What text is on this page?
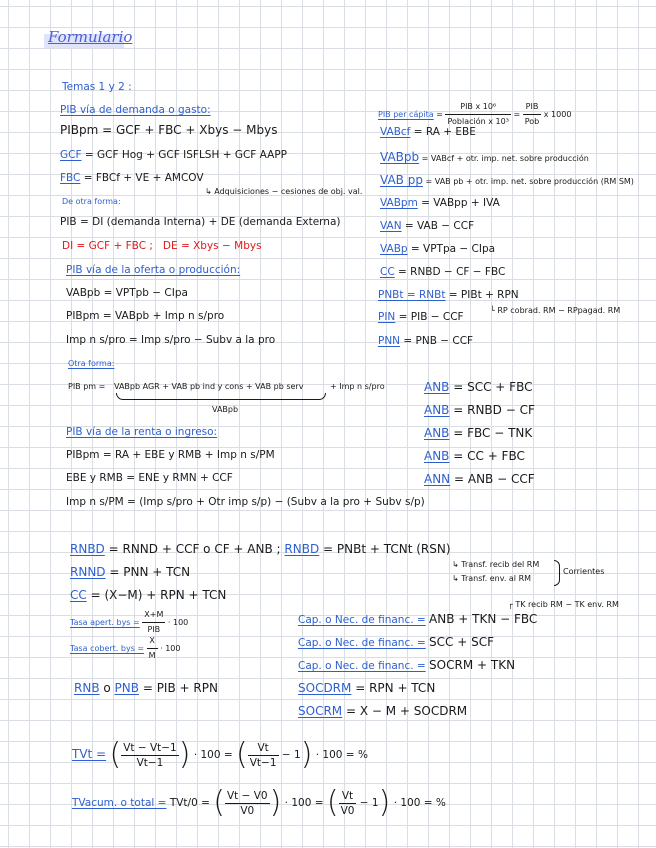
Formulario
Temas 1 y 2 :
PIB vía de demanda o gasto:
PIBpm = GCF + FBC + Xbys − Mbys
GCF = GCF Hog + GCF ISFLSH + GCF AAPP
FBC = FBCf + VE + AMCOV
↳ Adquisiciones − cesiones de obj. val.
De otra forma:
PIB = DI (demanda Interna) + DE (demanda Externa)
DI = GCF + FBC ; DE = Xbys − Mbys
PIB vía de la oferta o producción:
VABpb = VPTpb − CIpa
PIBpm = VABpb + Imp n s/pro
Imp n s/pro = Imp s/pro − Subv a la pro
Otra forma:
PIB pm = VABpb AGR + VAB pb ind y cons + VAB pb serv	+ Imp n s/pro
VABpb
PIB vía de la renta o ingreso:
PIBpm = RA + EBE y RMB + Imp n s/PM
EBE y RMB = ENE y RMN + CCF
Imp n s/PM = (Imp s/pro + Otr imp s/p) − (Subv a la pro + Subv s/p)
PIB per cápita = $\frac{\text{PIB x 10⁶}}{\text{Población x 10³}} = \frac{\text{PIB}}{\text{Pob}}$ x 1000
VABcf = RA + EBE
VABpb = VABcf + otr. imp. net. sobre producción
VAB pp = VAB pb + otr. imp. net. sobre producción (RM SM)
VABpm = VABpp + IVA
VAN = VAB − CCF
VABp = VPTpa − CIpa
CC = RNBD − CF − FBC
PNBt = RNBt = PIBt + RPN
└ RP cobrad. RM − RPpagad. RM
PIN = PIB − CCF
PNN = PNB − CCF
ANB = SCC + FBC
ANB = RNBD − CF
ANB = FBC − TNK
ANB = CC + FBC
ANN = ANB − CCF
RNBD = RNND + CCF o CF + ANB ; RNBD = PNBt + TCNt (RSN)
↳ Transf. recib del RM
↳ Transf. env. al RM
Corrientes
RNND = PNN + TCN
CC = (X−M) + RPN + TCN
┌ TK recib RM − TK env. RM
Tasa apert. bys = $\frac{X+M}{\text{PIB}} \cdot 100$
Tasa cobert. bys = $\frac{X}{M} \cdot 100$
Cap. o Nec. de financ. = ANB + TKN − FBC
Cap. o Nec. de financ. = SCC + SCF
Cap. o Nec. de financ. = SOCRM + TKN
RNB o PNB = PIB + RPN	SOCDRM = RPN + TCN
SOCRM = X − M + SOCDRM
TVt = ( $\frac{Vt - Vt-1}{Vt-1}$ ) · 100 = ( $\frac{Vt}{Vt-1} - 1) \cdot 100$ = %
TVacum. o total = TVt/0 = ( $\frac{Vt - V0}{V0}$ ) · 100 = ( $\frac{Vt}{V0} - 1) \cdot 100$ = %
